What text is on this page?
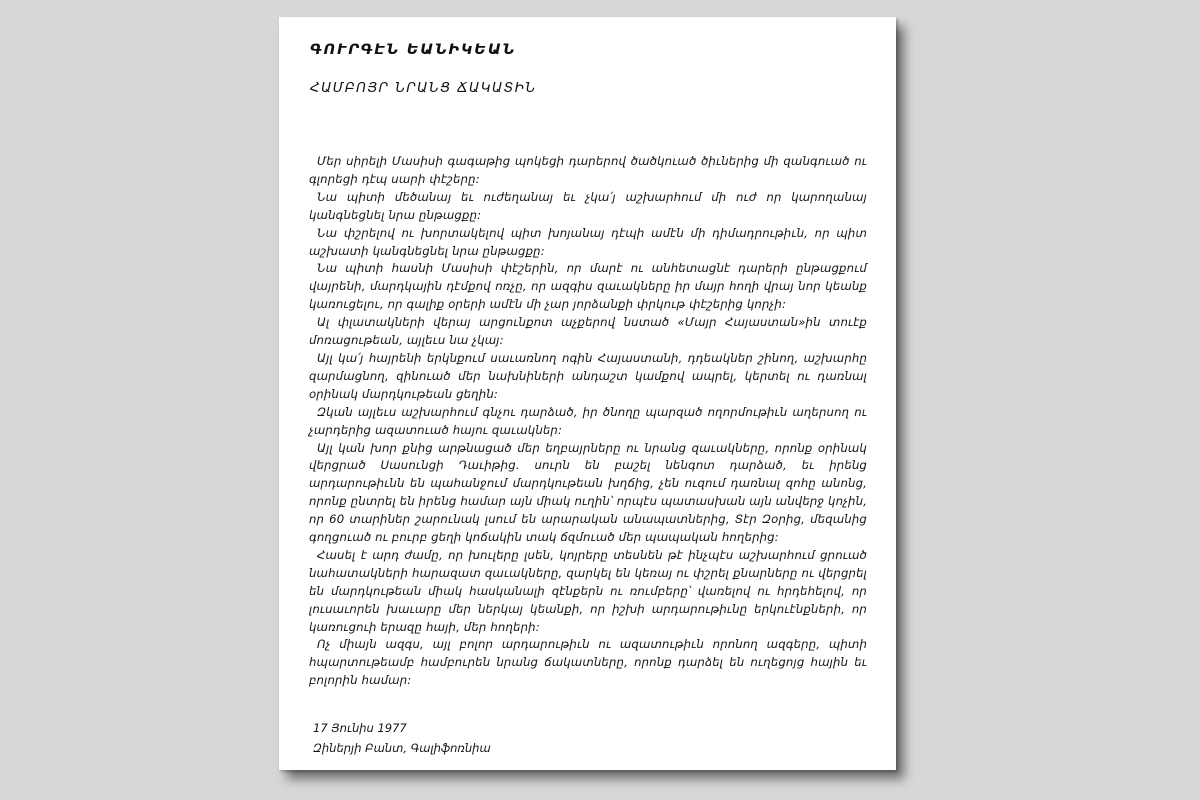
ԳՈՒՐԳԷՆ ԵԱՆԻԿԵԱՆ
ՀԱՄԲՈՅՐ ՆՐԱՆՑ ՃԱԿԱՏԻՆ

Մեր սիրելի Մասիսի գագաթից պոկեցի դարերով ծածկուած ծիւներից մի զանգուած ու գլորեցի դէպ սարի փէշերը:

Նա պիտի մեծանայ եւ ուժեղանայ եւ չկա՛յ աշխարհում մի ուժ որ կարողանայ կանգնեցնել նրա ընթացքը:

Նա փշրելով ու խորտակելով պիտ խոյանայ դէպի ամէն մի դիմադրութիւն, որ պիտ աշխատի կանգնեցնել նրա ընթացքը:

Նա պիտի հասնի Մասիսի փէշերին, որ մարէ ու անհետացնէ դարերի ընթացքում վայրենի, մարդկային դէմքով ոռչը, որ ազգիս զաւակները իր մայր հողի վրայ նոր կեանք կառուցելու, որ գալիք օրերի ամէն մի չար յորձանքի փրկութ փէշերից կորչի:

Ալ փլատակների վերայ արցունքոտ աչքերով նստած «Մայր Հայաստան»ին տուէք մոռացութեան, այլեւս նա չկայ:

Այլ կա՛յ հայրենի երկնքում սաւառնող ոգին Հայաստանի, դդեակներ շինող, աշխարհը զարմացնող, զինուած մեր նախնիների անդաշտ կամքով ապրել, կերտել ու դառնալ օրինակ մարդկութեան ցեղին:

Զկան այլեւս աշխարհում գնչու դարձած, իր ծնողը պարզած ողորմութիւն աղերսող ու չարդերից ազատուած հայու զաւակներ:

Այլ կան խոր քնից արթնացած մեր եղբայրները ու նրանց զաւակները, որոնք օրինակ վերցրած Սասունցի Դաւիթից. սուրն են բաշել նենգոտ դարձած, եւ իրենց արդարութիւնն են պահանջում մարդկութեան խղճից, չեն ուզում դառնալ զոհը անոնց, որոնք ընտրել են իրենց համար այն միակ ուղին՝ որպէս պատասխան այն անվերջ կոչին, որ 60 տարիներ շարունակ լսում են արարական անապատներից, Տէր Զօրից, մեզանից գողցուած ու բուրբ ցեղի կոճակին տակ ճզմուած մեր պապական հողերից:

Հասել է արդ ժամը, որ խուլերը լսեն, կոյրերը տեսնեն թէ ինչպէս աշխարհում ցրուած նահատակների հարազատ զաւակները, զարկել են կեռայ ու փշրել քնարները ու վերցրել են մարդկութեան միակ հասկանալի զէնքերն ու ռումբերը՝ վառելով ու հրդեհելով, որ լուսաւորեն խաւարը մեր ներկայ կեանքի, որ իշխի արդարութիւնը երկուէնքների, որ կառուցուի երազը հայի, մեր հողերի:

Ոչ միայն ազգս, այլ բոլոր արդարութիւն ու ազատութիւն որոնող ազգերը, պիտի հպարտութեամբ համբուրեն նրանց ճակատները, որոնք դարձել են ուղեցոյց հային եւ բոլորին համար:

17 Յունիս 1977
Զիներյի Բանտ, Գալիֆոռնիա
